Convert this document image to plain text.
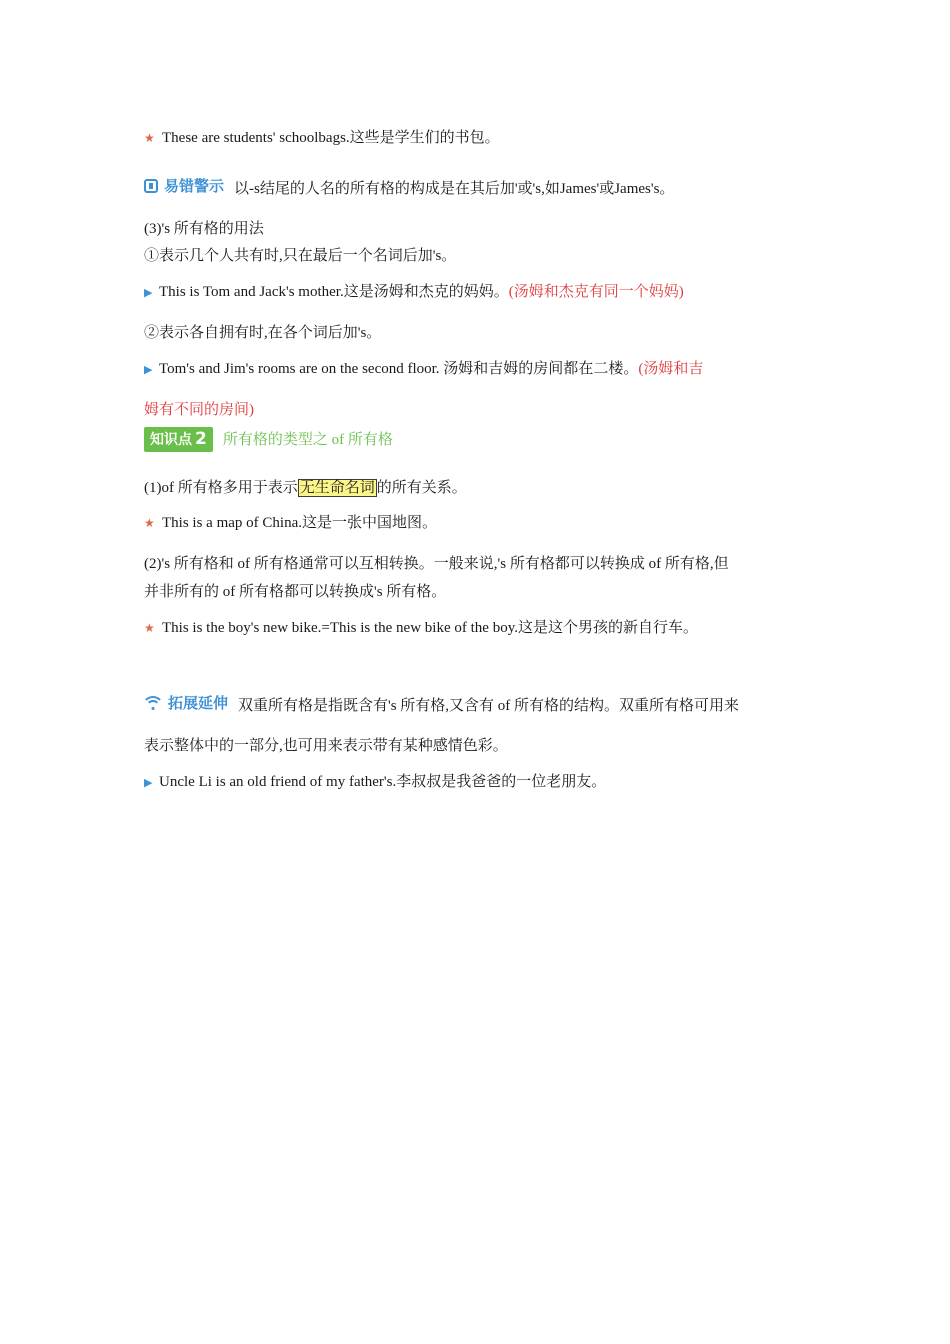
★ These are students' schoolbags.这些是学生们的书包。
易错警示 以-s结尾的人名的所有格的构成是在其后加'或's,如James'或James's。
(3)'s 所有格的用法
①表示几个人共有时,只在最后一个名词后加's。
▶ This is Tom and Jack's mother.这是汤姆和杰克的妈妈。(汤姆和杰克有同一个妈妈)
②表示各自拥有时,在各个词后加's。
▶ Tom's and Jim's rooms are on the second floor. 汤姆和吉姆的房间都在二楼。(汤姆和吉
姆有不同的房间)
知识点 2 所有格的类型之 of 所有格
(1)of 所有格多用于表示 无生命名词 的所有关系。
★ This is a map of China.这是一张中国地图。
(2)'s 所有格和 of 所有格通常可以互相转换。一般来说,'s 所有格都可以转换成 of 所有格,但
并非所有的 of 所有格都可以转换成's 所有格。
★ This is the boy's new bike.=This is the new bike of the boy.这是这个男孩的新自行车。
拓展延伸 双重所有格是指既含有's 所有格,又含有 of 所有格的结构。双重所有格可用来
表示整体中的一部分,也可用来表示带有某种感情色彩。
▶ Uncle Li is an old friend of my father's.李叔叔是我爸爸的一位老朋友。
